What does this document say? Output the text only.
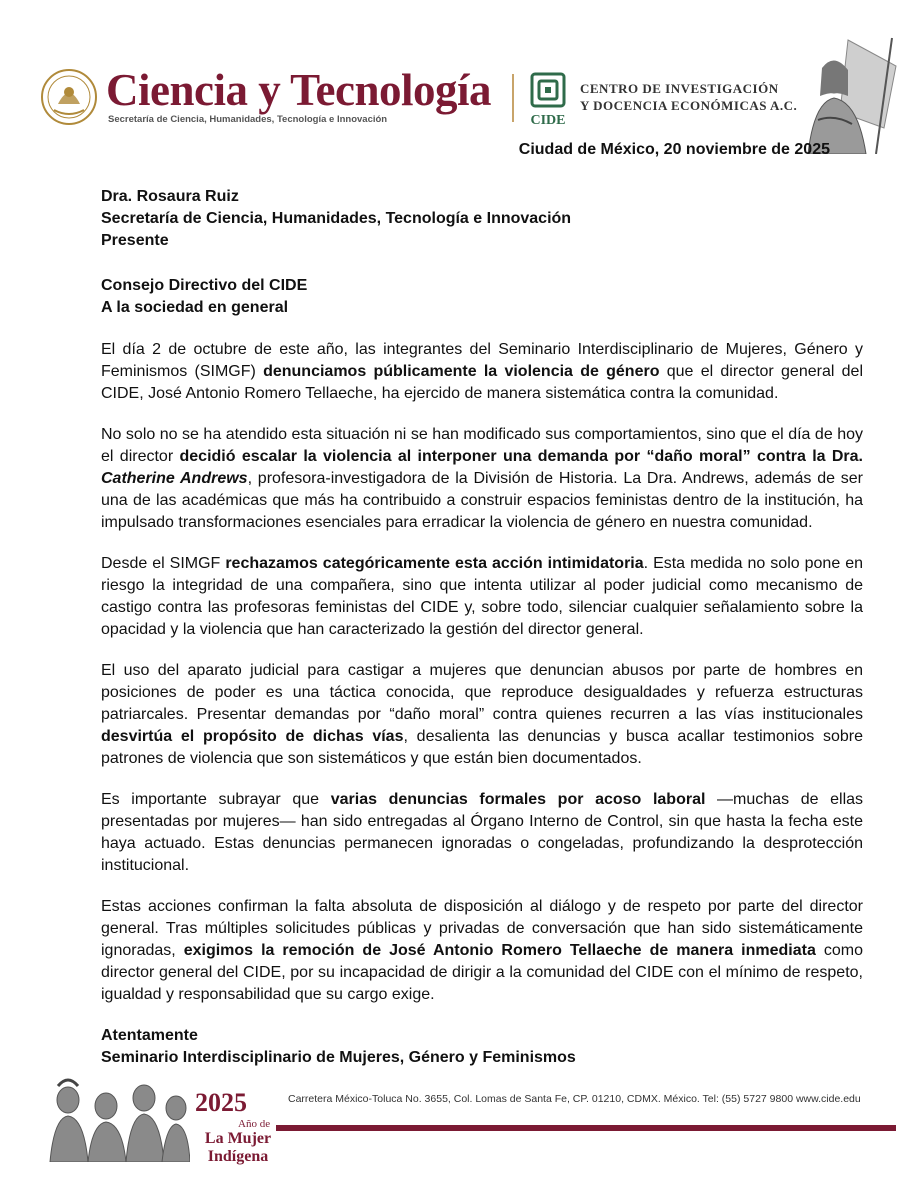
Ciencia y Tecnología
Secretaría de Ciencia, Humanidades, Tecnología e Innovación	CIDE
CENTRO DE INVESTIGACIÓN
Y DOCENCIA ECONÓMICAS A.C.
Ciudad de México, 20 noviembre de 2025

Dra. Rosaura Ruiz

Secretaría de Ciencia, Humanidades, Tecnología e Innovación

Presente

Consejo Directivo del CIDE

A la sociedad en general

El día 2 de octubre de este año, las integrantes del Seminario Interdisciplinario de Mujeres, Género y Feminismos (SIMGF) denunciamos públicamente la violencia de género que el director general del CIDE, José Antonio Romero Tellaeche, ha ejercido de manera sistemática contra la comunidad.

No solo no se ha atendido esta situación ni se han modificado sus comportamientos, sino que el día de hoy el director decidió escalar la violencia al interponer una demanda por “daño moral” contra la Dra. Catherine Andrews, profesora-investigadora de la División de Historia. La Dra. Andrews, además de ser una de las académicas que más ha contribuido a construir espacios feministas dentro de la institución, ha impulsado transformaciones esenciales para erradicar la violencia de género en nuestra comunidad.

Desde el SIMGF rechazamos categóricamente esta acción intimidatoria. Esta medida no solo pone en riesgo la integridad de una compañera, sino que intenta utilizar al poder judicial como mecanismo de castigo contra las profesoras feministas del CIDE y, sobre todo, silenciar cualquier señalamiento sobre la opacidad y la violencia que han caracterizado la gestión del director general.

El uso del aparato judicial para castigar a mujeres que denuncian abusos por parte de hombres en posiciones de poder es una táctica conocida, que reproduce desigualdades y refuerza estructuras patriarcales. Presentar demandas por “daño moral” contra quienes recurren a las vías institucionales desvirtúa el propósito de dichas vías, desalienta las denuncias y busca acallar testimonios sobre patrones de violencia que son sistemáticos y que están bien documentados.

Es importante subrayar que varias denuncias formales por acoso laboral —muchas de ellas presentadas por mujeres— han sido entregadas al Órgano Interno de Control, sin que hasta la fecha este haya actuado. Estas denuncias permanecen ignoradas o congeladas, profundizando la desprotección institucional.

Estas acciones confirman la falta absoluta de disposición al diálogo y de respeto por parte del director general. Tras múltiples solicitudes públicas y privadas de conversación que han sido sistemáticamente ignoradas, exigimos la remoción de José Antonio Romero Tellaeche de manera inmediata como director general del CIDE, por su incapacidad de dirigir a la comunidad del CIDE con el mínimo de respeto, igualdad y responsabilidad que su cargo exige.

Atentamente

Seminario Interdisciplinario de Mujeres, Género y Feminismos

2025
Año de
La Mujer
Indígena
Carretera México-Toluca No. 3655, Col. Lomas de Santa Fe, CP. 01210, CDMX. México. Tel: (55) 5727 9800 www.cide.edu
